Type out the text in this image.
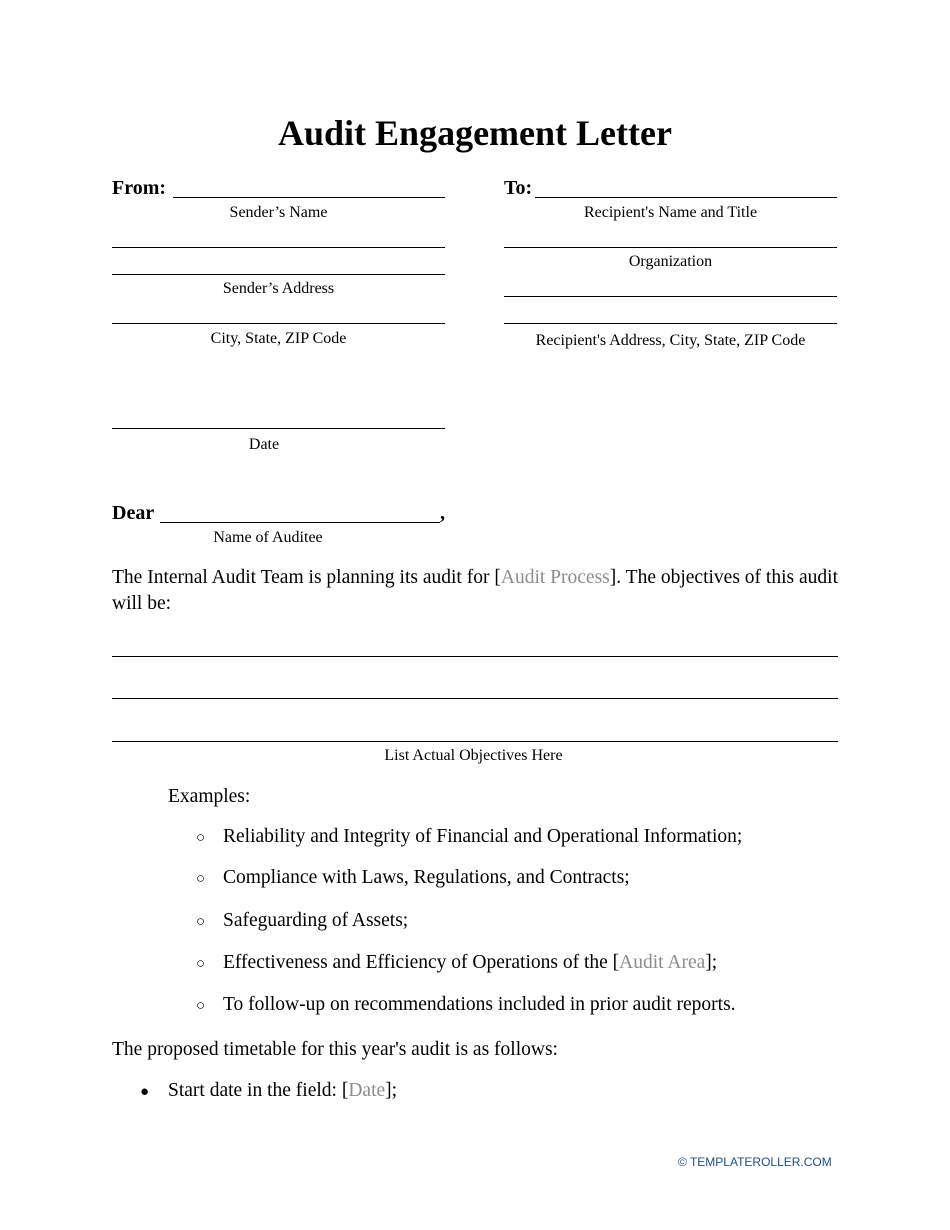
Audit Engagement Letter
From:
Sender’s Name
Sender’s Address
City, State, ZIP Code
Date
To:
Recipient's Name and Title
Organization
Recipient's Address, City, State, ZIP Code
Dear	,
Name of Auditee
The Internal Audit Team is planning its audit for [Audit Process]. The objectives of this audit will be:
List Actual Objectives Here
Examples:
○ Reliability and Integrity of Financial and Operational Information;
○ Compliance with Laws, Regulations, and Contracts;
○ Safeguarding of Assets;
○ Effectiveness and Efficiency of Operations of the [Audit Area];
○ To follow-up on recommendations included in prior audit reports.
The proposed timetable for this year's audit is as follows:
● Start date in the field: [Date];
© TEMPLATEROLLER.COM
